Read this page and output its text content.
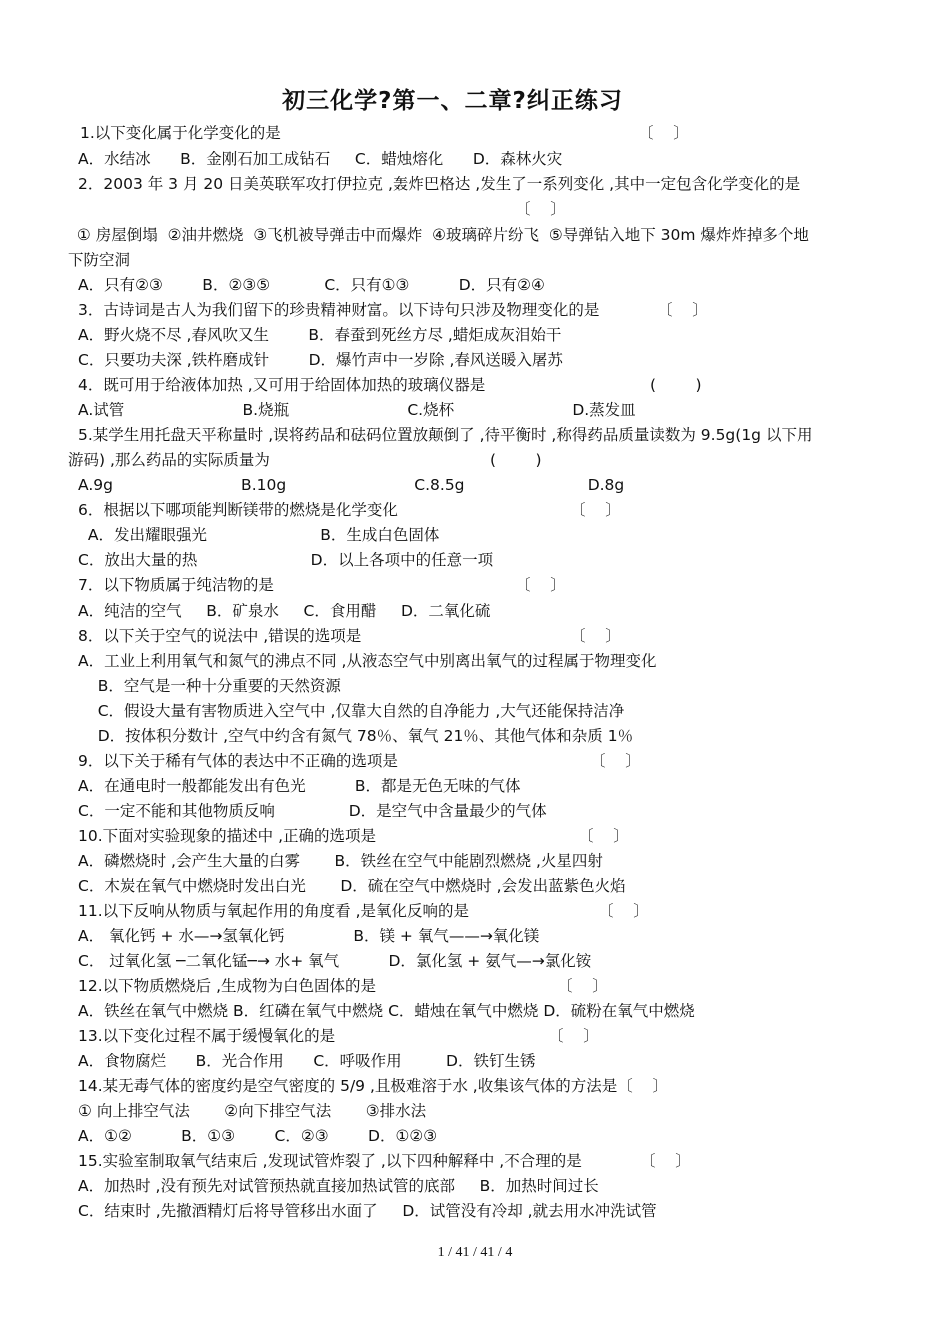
初三化学?第一、二章?纠正练习
1.以下变化属于化学变化的是
A．水结冰      B．金刚石加工成钻石     C．蜡烛熔化      D．森林火灾
2．2003 年 3 月 20 日美英联军攻打伊拉克 ,轰炸巴格达 ,发生了一系列变化 ,其中一定包含化学变化的是
① 房屋倒塌  ②油井燃烧  ③飞机被导弹击中而爆炸  ④玻璃碎片纷飞  ⑤导弹钻入地下 30m 爆炸炸掉多个地
下防空洞
A．只有②③        B．②③⑤           C．只有①③          D．只有②④
3．古诗词是古人为我们留下的珍贵精神财富。以下诗句只涉及物理变化的是
A．野火烧不尽 ,春风吹又生        B．春蚕到死丝方尽 ,蜡炬成灰泪始干
C．只要功夫深 ,铁杵磨成针        D．爆竹声中一岁除 ,春风送暖入屠苏
4．既可用于给液体加热 ,又可用于给固体加热的玻璃仪器是
A.试管                        B.烧瓶                        C.烧杯                        D.蒸发皿
5.某学生用托盘天平称量时 ,误将药品和砝码位置放颠倒了 ,待平衡时 ,称得药品质量读数为 9.5g(1g 以下用
游码) ,那么药品的实际质量为
A.9g                          B.10g                          C.8.5g                         D.8g
6．根据以下哪项能判断镁带的燃烧是化学变化
A．发出耀眼强光                       B．生成白色固体
C．放出大量的热                       D．以上各项中的任意一项
7．以下物质属于纯洁物的是
A．纯洁的空气     B．矿泉水     C．食用醋     D．二氧化硫
8．以下关于空气的说法中 ,错误的选项是
A．工业上利用氧气和氮气的沸点不同 ,从液态空气中别离出氧气的过程属于物理变化
B．空气是一种十分重要的天然资源
C．假设大量有害物质进入空气中 ,仅靠大自然的自净能力 ,大气还能保持洁净
D．按体积分数计 ,空气中约含有氮气 78％、氧气 21％、其他气体和杂质 1％
9．以下关于稀有气体的表达中不正确的选项是
A．在通电时一般都能发出有色光          B．都是无色无味的气体
C．一定不能和其他物质反响               D．是空气中含量最少的气体
10.下面对实验现象的描述中 ,正确的选项是
A．磷燃烧时 ,会产生大量的白雾       B．铁丝在空气中能剧烈燃烧 ,火星四射
C．木炭在氧气中燃烧时发出白光       D．硫在空气中燃烧时 ,会发出蓝紫色火焰
11.以下反响从物质与氧起作用的角度看 ,是氧化反响的是
A． 氧化钙 + 水—→氢氧化钙              B．镁 + 氧气——→氧化镁
C． 过氧化氢 ─二氧化锰─→ 水+ 氧气          D．氯化氢 + 氨气—→氯化铵
12.以下物质燃烧后 ,生成物为白色固体的是
A．铁丝在氧气中燃烧 B．红磷在氧气中燃烧 C．蜡烛在氧气中燃烧 D．硫粉在氧气中燃烧
13.以下变化过程不属于缓慢氧化的是
A．食物腐烂      B．光合作用      C．呼吸作用         D．铁钉生锈
14.某无毒气体的密度约是空气密度的 5/9 ,且极难溶于水 ,收集该气体的方法是〔    〕
① 向上排空气法       ②向下排空气法       ③排水法
A．①②          B．①③        C．②③        D．①②③
15.实验室制取氧气结束后 ,发现试管炸裂了 ,以下四种解释中 ,不合理的是
A．加热时 ,没有预先对试管预热就直接加热试管的底部     B．加热时间过长
C．结束时 ,先撤酒精灯后将导管移出水面了     D．试管没有冷却 ,就去用水冲洗试管
〔    〕
〔    〕
〔    〕
(        )
(        )
〔    〕
〔    〕
〔    〕
〔    〕
〔    〕
〔    〕
〔    〕
〔    〕
〔    〕
1 / 41 / 41 / 4
